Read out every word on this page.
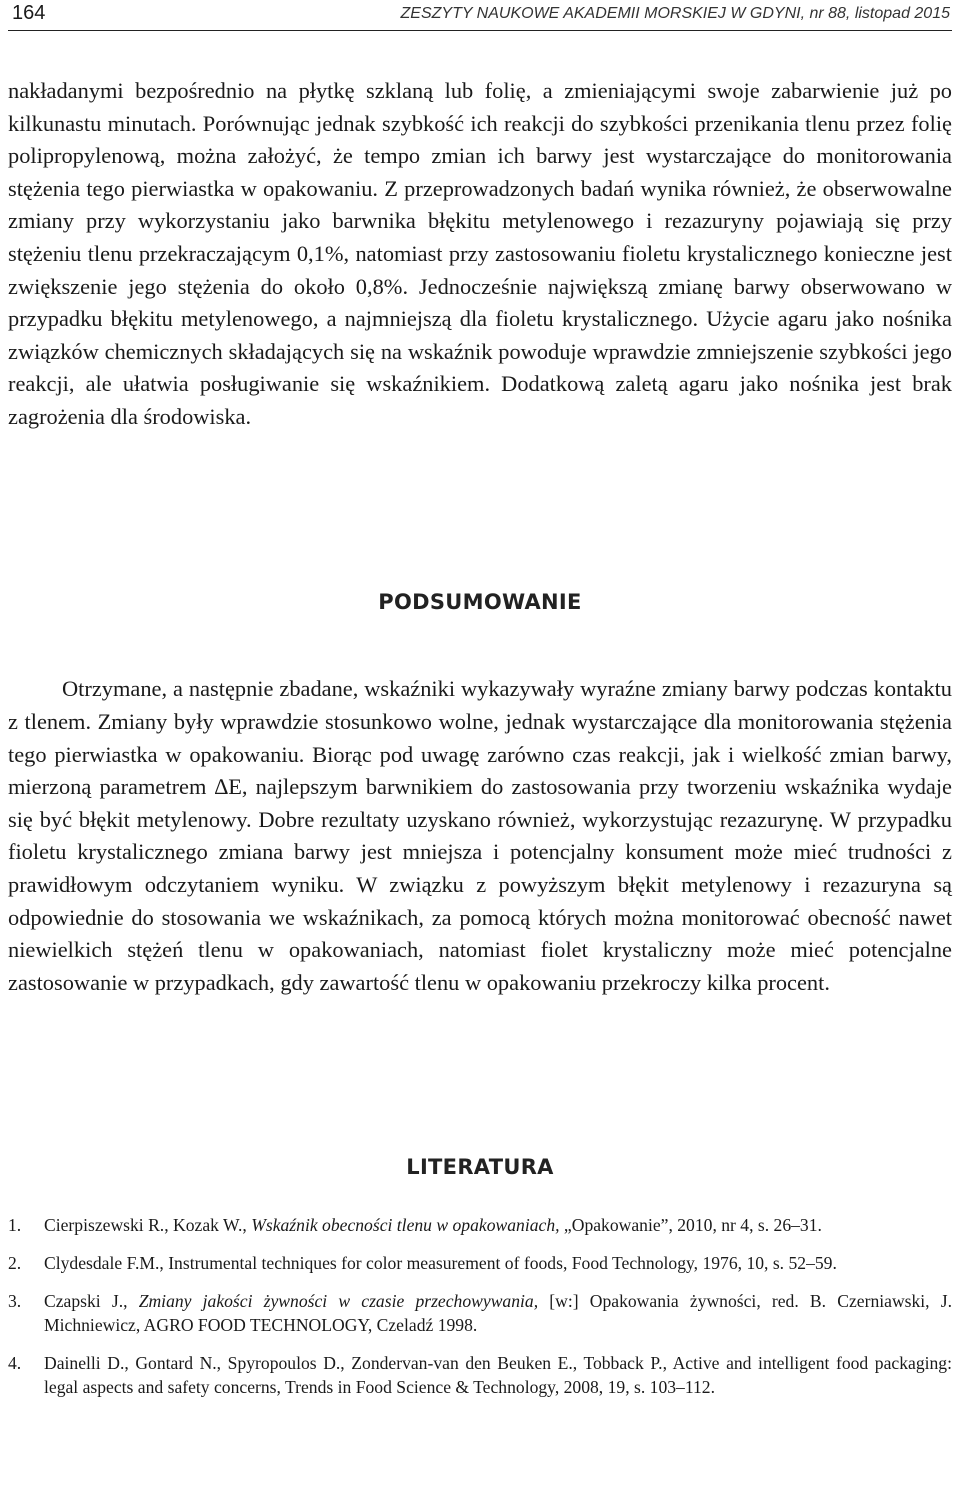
164	ZESZYTY NAUKOWE AKADEMII MORSKIEJ W GDYNI, nr 88, listopad 2015

nakładanymi bezpośrednio na płytkę szklaną lub folię, a zmieniającymi swoje zabarwienie już po kilkunastu minutach. Porównując jednak szybkość ich reakcji do szybkości przenikania tlenu przez folię polipropylenową, można założyć, że tempo zmian ich barwy jest wystarczające do monitorowania stężenia tego pierwiastka w opakowaniu. Z przeprowadzonych badań wynika również, że obserwowalne zmiany przy wykorzystaniu jako barwnika błękitu metylenowego i rezazuryny pojawiają się przy stężeniu tlenu przekraczającym 0,1%, natomiast przy zastosowaniu fioletu krystalicznego konieczne jest zwiększenie jego stężenia do około 0,8%. Jednocześnie największą zmianę barwy obserwowano w przypadku błękitu metylenowego, a najmniejszą dla fioletu krystalicznego. Użycie agaru jako nośnika związków chemicznych składających się na wskaźnik powoduje wprawdzie zmniejszenie szybkości jego reakcji, ale ułatwia posługiwanie się wskaźnikiem. Dodatkową zaletą agaru jako nośnika jest brak zagrożenia dla środowiska.

PODSUMOWANIE

Otrzymane, a następnie zbadane, wskaźniki wykazywały wyraźne zmiany barwy podczas kontaktu z tlenem. Zmiany były wprawdzie stosunkowo wolne, jednak wystarczające dla monitorowania stężenia tego pierwiastka w opakowaniu. Biorąc pod uwagę zarówno czas reakcji, jak i wielkość zmian barwy, mierzoną parametrem ∆E, najlepszym barwnikiem do zastosowania przy tworzeniu wskaźnika wydaje się być błękit metylenowy. Dobre rezultaty uzyskano również, wykorzystując rezazurynę. W przypadku fioletu krystalicznego zmiana barwy jest mniejsza i potencjalny konsument może mieć trudności z prawidłowym odczytaniem wyniku. W związku z powyższym błękit metylenowy i rezazuryna są odpowiednie do stosowania we wskaźnikach, za pomocą których można monitorować obecność nawet niewielkich stężeń tlenu w opakowaniach, natomiast fiolet krystaliczny może mieć potencjalne zastosowanie w przypadkach, gdy zawartość tlenu w opakowaniu przekroczy kilka procent.

LITERATURA
1. Cierpiszewski R., Kozak W., Wskaźnik obecności tlenu w opakowaniach, „Opakowanie”, 2010, nr 4, s. 26–31.
2. Clydesdale F.M., Instrumental techniques for color measurement of foods, Food Technology, 1976, 10, s. 52–59.
3. Czapski J., Zmiany jakości żywności w czasie przechowywania, [w:] Opakowania żywności, red. B. Czerniawski, J. Michniewicz, AGRO FOOD TECHNOLOGY, Czeladź 1998.
4. Dainelli D., Gontard N., Spyropoulos D., Zondervan-van den Beuken E., Tobback P., Active and intelligent food packaging: legal aspects and safety concerns, Trends in Food Science & Technology, 2008, 19, s. 103–112.
